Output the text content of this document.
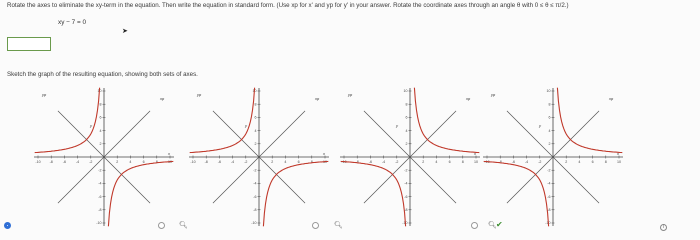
Rotate the axes to eliminate the xy-term in the equation. Then write the equation in standard form. (Use xp for x' and yp for y' in your answer. Rotate the coordinate axes through an angle θ with 0 ≤ θ ≤ π/2.)

xy − 7 = 0
➤
Sketch the graph of the resulting equation, showing both sets of axes.
-10 -8	-6	-4	-2	2	4	6	8	10
10
8
6
4
2
-2
-4
-6
-8
-10
yp
xp
y
x
-10 -8	-6	-4	-2	2	4	6	8	10
10
8
6
4
2
-2
-4
-6
-8
-10
yp
xp
y
x
-10 -8	-6	-4	-2	2	4	6	8	10
10
8
6
4
2
-2
-4
-6
-8
-10
yp
xp
y
x
-10 -8	-6	-4	-2	2	4	6	8	10
10
8
6
4
2
-2
-4
-6
-8
-10
yp
xp
y
x
🔍︎	🔍︎	🔍︎ ✔	i
